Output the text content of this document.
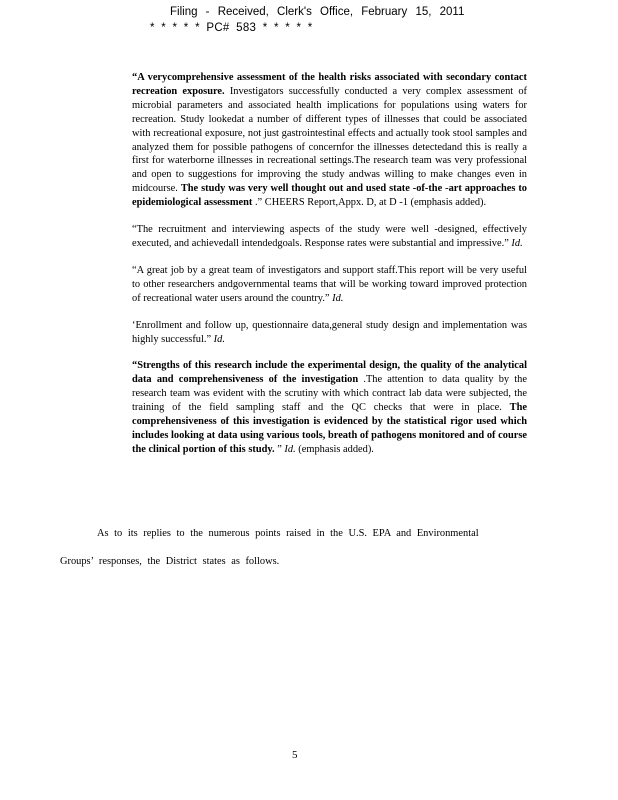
Filing - Received, Clerk's Office, February 15, 2011
* * * * * PC# 583 * * * * *

“A verycomprehensive assessment of the health risks associated with secondary contact recreation exposure. Investigators successfully conducted a very complex assessment of microbial parameters and associated health implications for populations using waters for recreation. Study lookedat a number of different types of illnesses that could be associated with recreational exposure, not just gastrointestinal effects and actually took stool samples and analyzed them for possible pathogens of concernfor the illnesses detectedand this is really a first for waterborne illnesses in recreational settings.The research team was very professional and open to suggestions for improving the study andwas willing to make changes even in midcourse. The study was very well thought out and used state -of-the -art approaches to epidemiological assessment .” CHEERS Report,Appx. D, at D -1 (emphasis added).

“The recruitment and interviewing aspects of the study were well -designed, effectively executed, and achievedall intendedgoals. Response rates were substantial and impressive.” Id.

“A great job by a great team of investigators and support staff.This report will be very useful to other researchers andgovernmental teams that will be working toward improved protection of recreational water users around the country.” Id.

‘Enrollment and follow up, questionnaire data,general study design and implementation was highly successful.” Id.

“Strengths of this research include the experimental design, the quality of the analytical data and comprehensiveness of the investigation .The attention to data quality by the research team was evident with the scrutiny with which contract lab data were subjected, the training of the field sampling staff and the QC checks that were in place. The comprehensiveness of this investigation is evidenced by the statistical rigor used which includes looking at data using various tools, breath of pathogens monitored and of course the clinical portion of this study. ” Id. (emphasis added).

As to its replies to the numerous points raised in the U.S. EPA and Environmental
Groups’ responses, the District states as follows.
5
